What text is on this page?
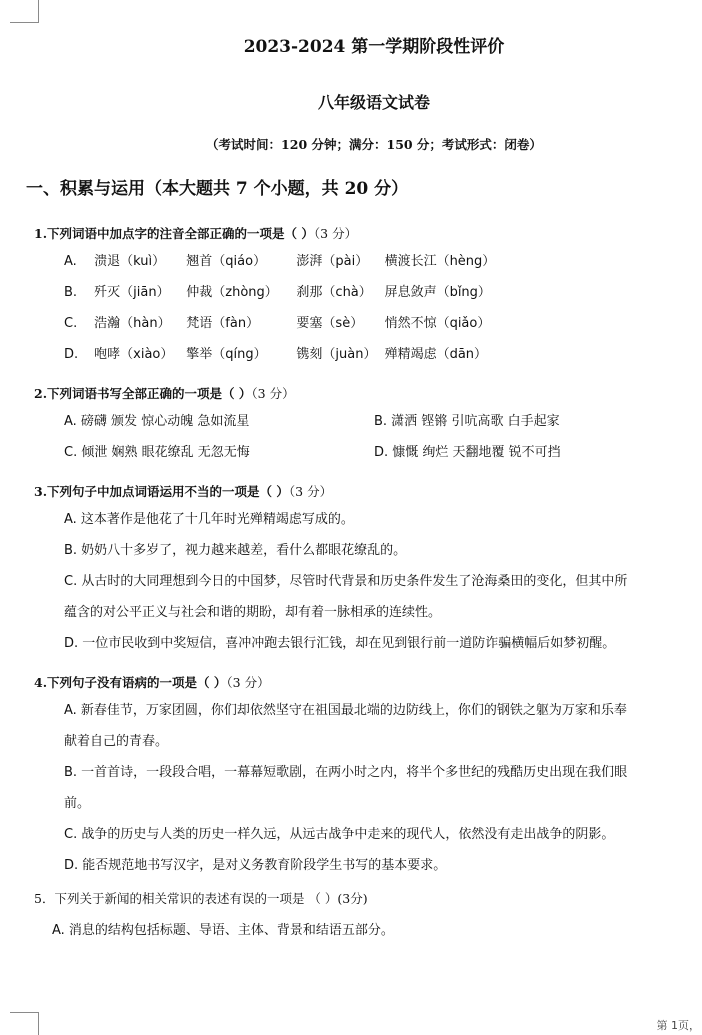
2023-2024 第一学期阶段性评价
八年级语文试卷
（考试时间：120 分钟；满分：150 分；考试形式：闭卷）
一、积累与运用（本大题共 7 个小题，共 20 分）
1.下列词语中加点字的注音全部正确的一项是（ ）（3 分）
A. 溃退（kuì） 翘首（qiáo） 澎湃（pài） 横渡长江（hèng）
B. 歼灭（jiān） 仲裁（zhòng） 刹那（chà） 屏息敛声（bǐng）
C. 浩瀚（hàn） 梵语（fàn）	要塞（sè） 悄然不惊（qiǎo）
D. 咆哮（xiào） 擎举（qíng） 镌刻（juàn） 殚精竭虑（dān）
2.下列词语书写全部正确的一项是（ ）（3 分）
A. 磅礴 颁发 惊心动魄 急如流星	B. 潇洒 铿锵 引吭高歌 白手起家
C. 倾泄 娴熟 眼花缭乱 无忽无悔	D. 慷慨 绚烂 天翻地覆 锐不可挡
3.下列句子中加点词语运用不当的一项是（ ）（3 分）
A. 这本著作是他花了十几年时光殚精竭虑写成的。
B. 奶奶八十多岁了，视力越来越差，看什么都眼花缭乱的。
C. 从古时的大同理想到今日的中国梦，尽管时代背景和历史条件发生了沧海桑田的变化，但其中所
蕴含的对公平正义与社会和谐的期盼，却有着一脉相承的连续性。
D. 一位市民收到中奖短信，喜冲冲跑去银行汇钱，却在见到银行前一道防诈骗横幅后如梦初醒。
4.下列句子没有语病的一项是（ ）（3 分）
A. 新春佳节，万家团圆，你们却依然坚守在祖国最北端的边防线上，你们的钢铁之躯为万家和乐奉
献着自己的青春。
B. 一首首诗，一段段合唱，一幕幕短歌剧，在两小时之内，将半个多世纪的残酷历史出现在我们眼
前。
C. 战争的历史与人类的历史一样久远，从远古战争中走来的现代人，依然没有走出战争的阴影。
D. 能否规范地书写汉字，是对义务教育阶段学生书写的基本要求。
5．下列关于新闻的相关常识的表述有误的一项是 （ ）(3分)
A. 消息的结构包括标题、导语、主体、背景和结语五部分。
第 1页，
